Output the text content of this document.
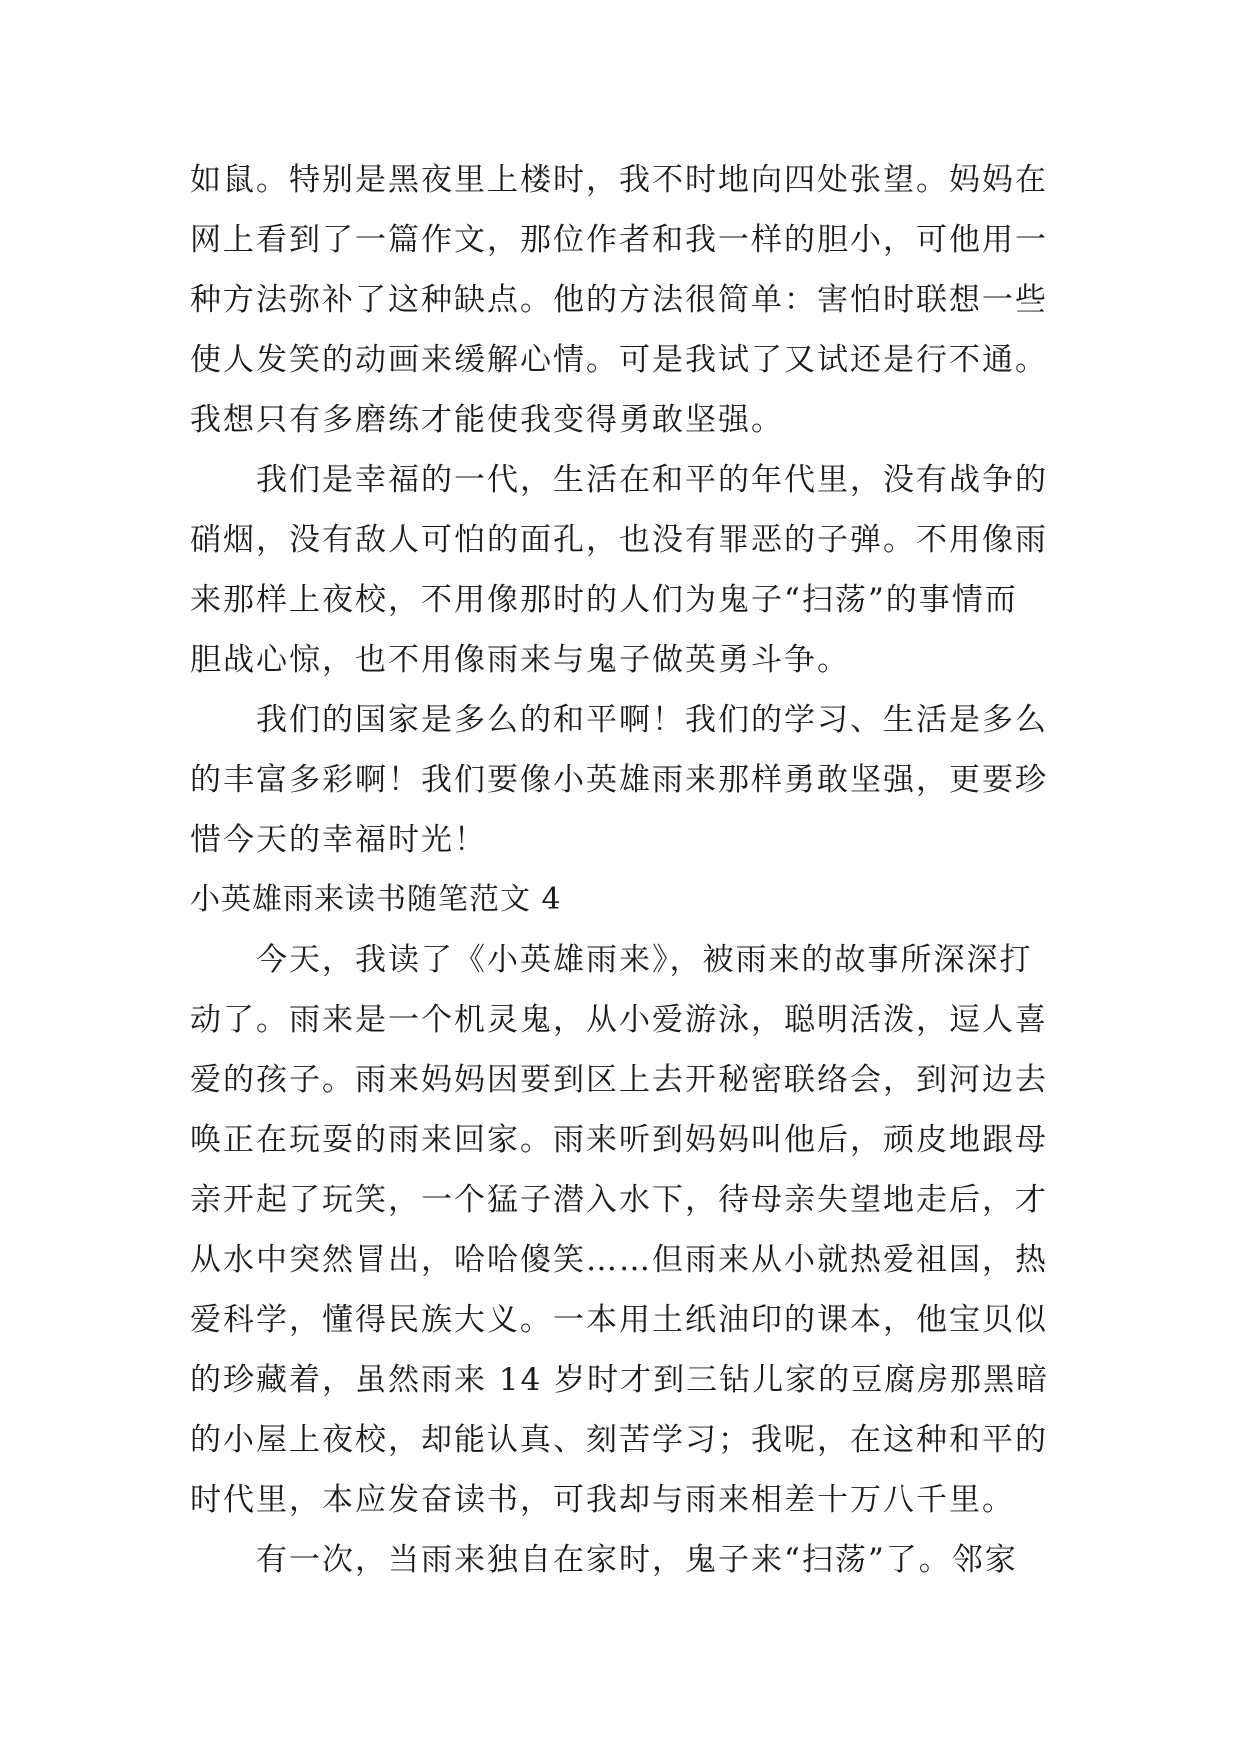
如鼠。特别是黑夜里上楼时，我不时地向四处张望。妈妈在
网上看到了一篇作文，那位作者和我一样的胆小，可他用一
种方法弥补了这种缺点。他的方法很简单：害怕时联想一些
使人发笑的动画来缓解心情。可是我试了又试还是行不通。
我想只有多磨练才能使我变得勇敢坚强。
我们是幸福的一代，生活在和平的年代里，没有战争的
硝烟，没有敌人可怕的面孔，也没有罪恶的子弹。不用像雨
来那样上夜校，不用像那时的人们为鬼子“扫荡”的事情而
胆战心惊，也不用像雨来与鬼子做英勇斗争。
我们的国家是多么的和平啊！我们的学习、生活是多么
的丰富多彩啊！我们要像小英雄雨来那样勇敢坚强，更要珍
惜今天的幸福时光！
小英雄雨来读书随笔范文 4
今天，我读了《小英雄雨来》，被雨来的故事所深深打
动了。雨来是一个机灵鬼，从小爱游泳，聪明活泼，逗人喜
爱的孩子。雨来妈妈因要到区上去开秘密联络会，到河边去
唤正在玩耍的雨来回家。雨来听到妈妈叫他后，顽皮地跟母
亲开起了玩笑，一个猛子潜入水下，待母亲失望地走后，才
从水中突然冒出，哈哈傻笑……但雨来从小就热爱祖国，热
爱科学，懂得民族大义。一本用土纸油印的课本，他宝贝似
的珍藏着，虽然雨来 14 岁时才到三钻儿家的豆腐房那黑暗
的小屋上夜校，却能认真、刻苦学习；我呢，在这种和平的
时代里，本应发奋读书，可我却与雨来相差十万八千里。
有一次，当雨来独自在家时，鬼子来“扫荡”了。邻家
